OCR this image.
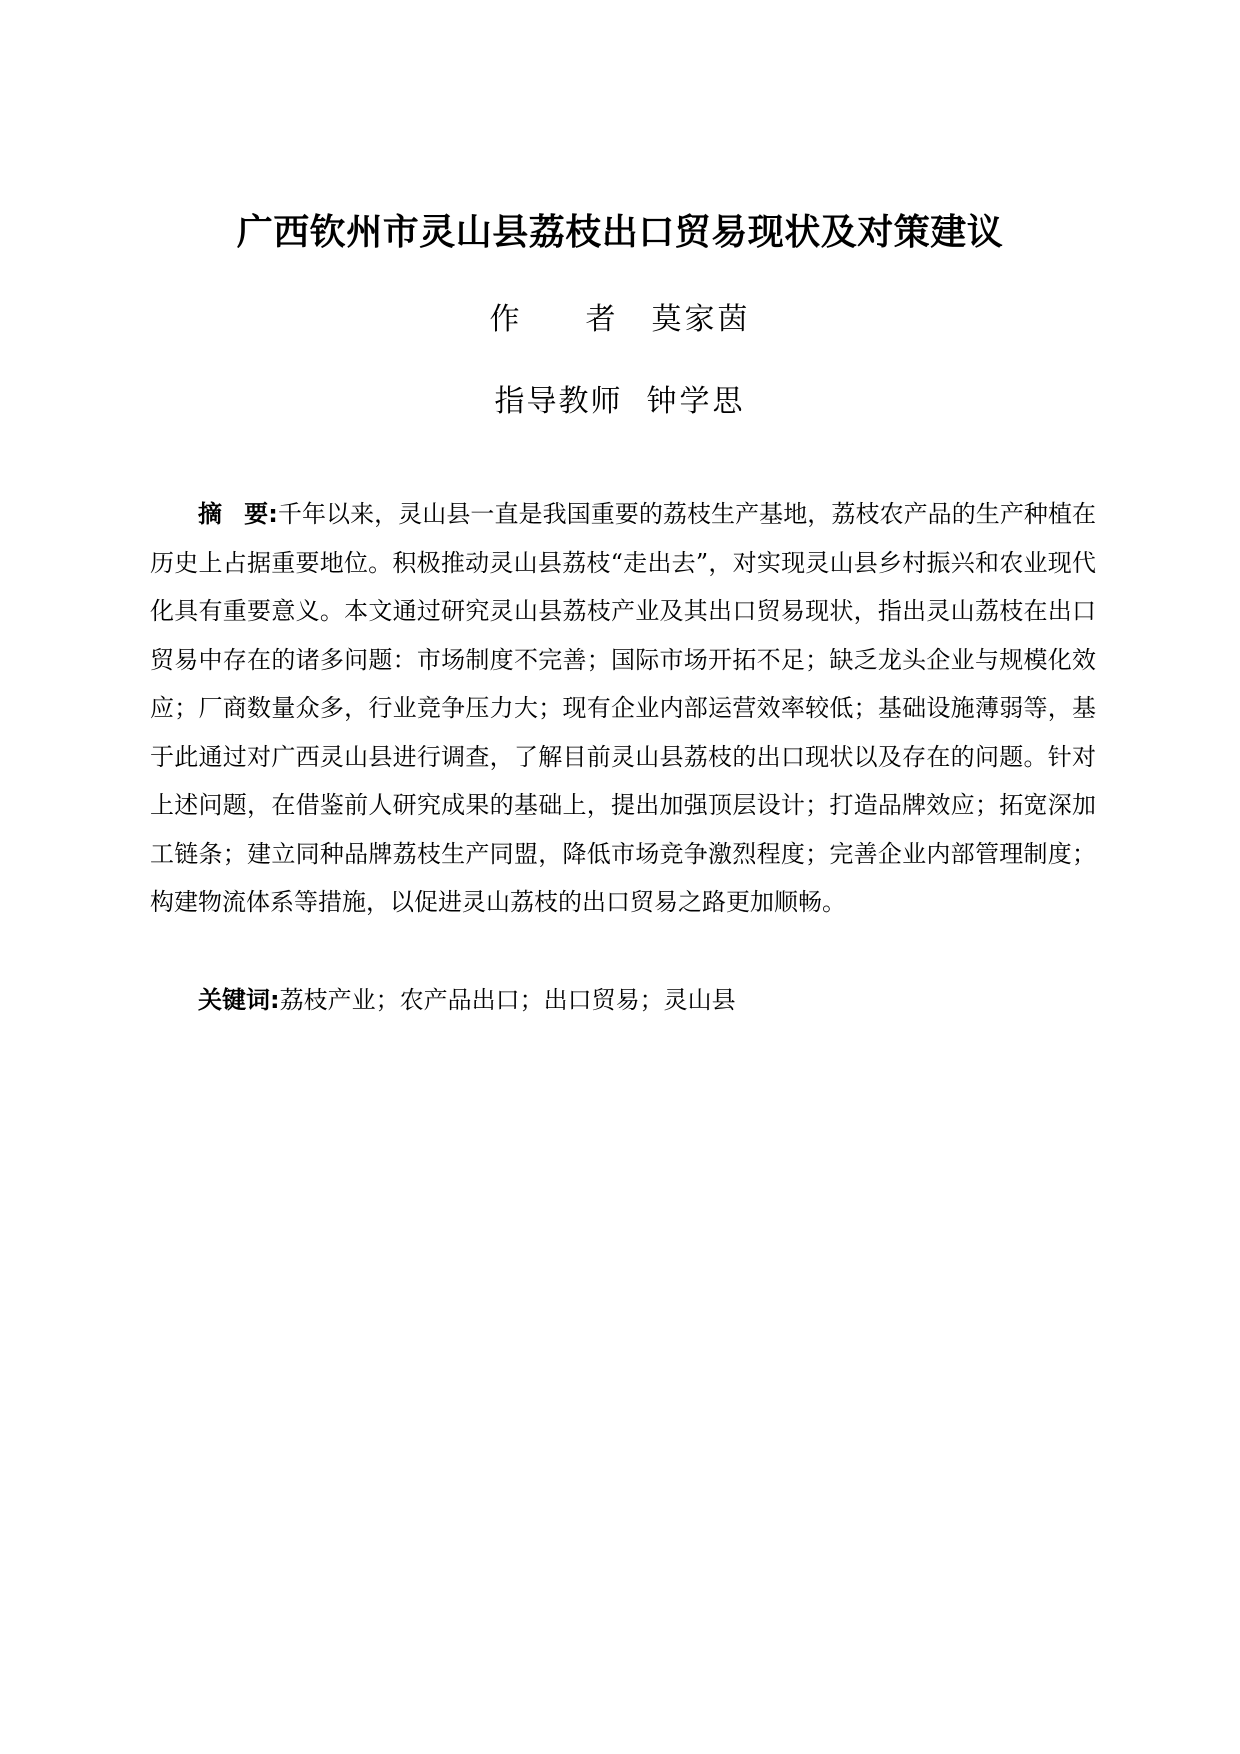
广西钦州市灵山县荔枝出口贸易现状及对策建议
作者 莫家茵
指导教师 钟学思

摘 要:千年以来，灵山县一直是我国重要的荔枝生产基地，荔枝农产品的生产种植在历史上占据重要地位。积极推动灵山县荔枝“走出去”，对实现灵山县乡村振兴和农业现代化具有重要意义。本文通过研究灵山县荔枝产业及其出口贸易现状，指出灵山荔枝在出口贸易中存在的诸多问题：市场制度不完善；国际市场开拓不足；缺乏龙头企业与规模化效应；厂商数量众多，行业竞争压力大；现有企业内部运营效率较低；基础设施薄弱等，基于此通过对广西灵山县进行调查，了解目前灵山县荔枝的出口现状以及存在的问题。针对上述问题，在借鉴前人研究成果的基础上，提出加强顶层设计；打造品牌效应；拓宽深加工链条；建立同种品牌荔枝生产同盟，降低市场竞争激烈程度；完善企业内部管理制度；构建物流体系等措施，以促进灵山荔枝的出口贸易之路更加顺畅。

关键词:荔枝产业；农产品出口；出口贸易；灵山县
